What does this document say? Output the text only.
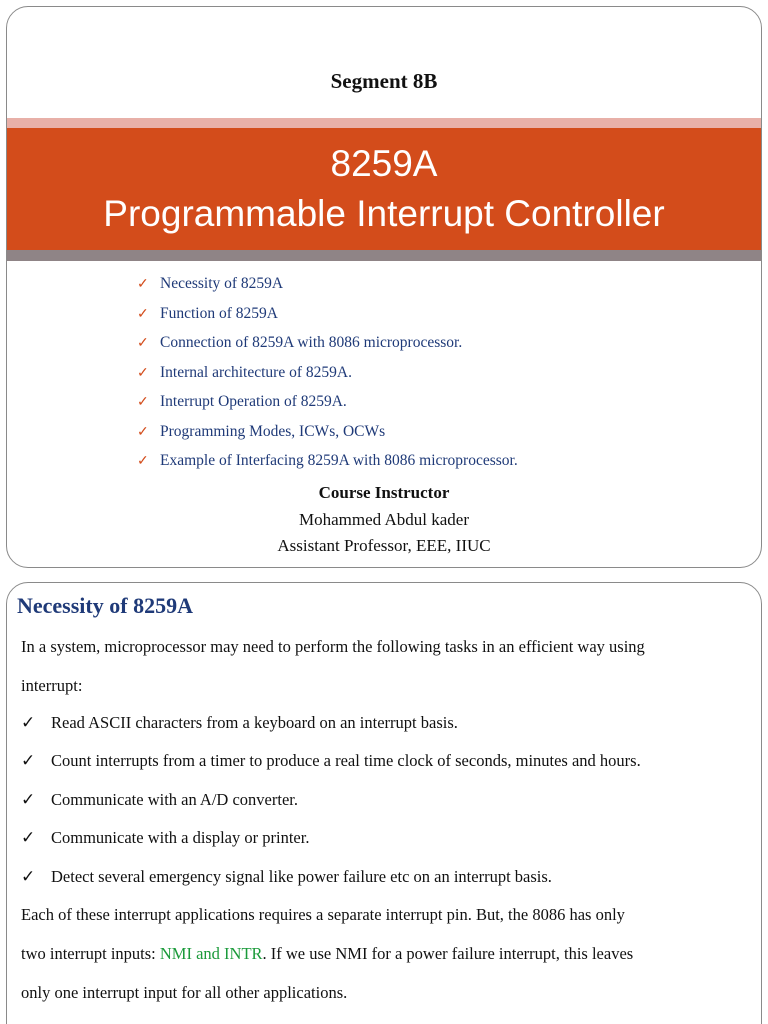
Segment 8B
8259A
Programmable Interrupt Controller
✓ Necessity of 8259A
✓ Function of 8259A
✓ Connection of 8259A with 8086 microprocessor.
✓ Internal architecture of 8259A.
✓ Interrupt Operation of 8259A.
✓ Programming Modes, ICWs, OCWs
✓ Example of Interfacing 8259A with 8086 microprocessor.
Course Instructor
Mohammed Abdul kader
Assistant Professor, EEE, IIUC
Necessity of 8259A
In a system, microprocessor may need to perform the following tasks in an efficient way using
interrupt:
✓ Read ASCII characters from a keyboard on an interrupt basis.
✓ Count interrupts from a timer to produce a real time clock of seconds, minutes and hours.
✓ Communicate with an A/D converter.
✓ Communicate with a display or printer.
✓ Detect several emergency signal like power failure etc on an interrupt basis.
Each of these interrupt applications requires a separate interrupt pin. But, the 8086 has only
two interrupt inputs: NMI and INTR. If we use NMI for a power failure interrupt, this leaves
only one interrupt input for all other applications.
